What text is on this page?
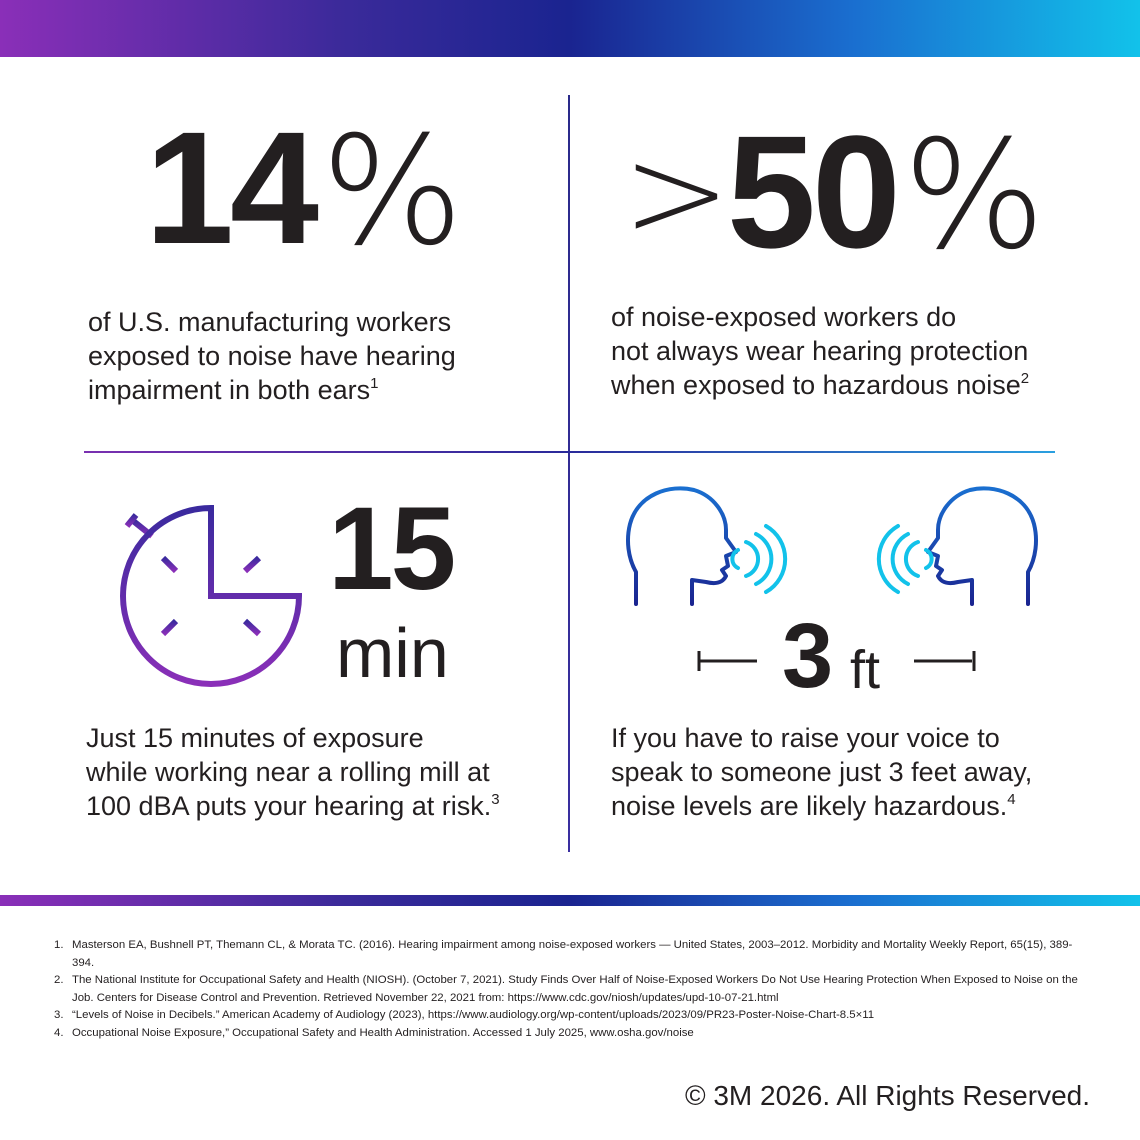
14%

of U.S. manufacturing workers

exposed to noise have hearing

impairment in both ears$^1$

>50%

of noise-exposed workers do

not always wear hearing protection

when exposed to hazardous noise$^2$

15
min

Just 15 minutes of exposure

while working near a rolling mill at

100 dBA puts your hearing at risk.$^3$

3 ft

If you have to raise your voice to

speak to someone just 3 feet away,

noise levels are likely hazardous.$^4$

1. Masterson EA, Bushnell PT, Themann CL, & Morata TC. (2016). Hearing impairment among noise-exposed workers — United States, 2003–2012. Morbidity and Mortality Weekly Report, 65(15), 389-394.
2. The National Institute for Occupational Safety and Health (NIOSH). (October 7, 2021). Study Finds Over Half of Noise-Exposed Workers Do Not Use Hearing Protection When Exposed to Noise on the Job. Centers for Disease Control and Prevention. Retrieved November 22, 2021 from: https://www.cdc.gov/niosh/updates/upd-10-07-21.html
3. “Levels of Noise in Decibels.” American Academy of Audiology (2023), https://www.audiology.org/wp-content/uploads/2023/09/PR23-Poster-Noise-Chart-8.5×11
4. Occupational Noise Exposure,” Occupational Safety and Health Administration. Accessed 1 July 2025, www.osha.gov/noise
© 3M 2026. All Rights Reserved.
